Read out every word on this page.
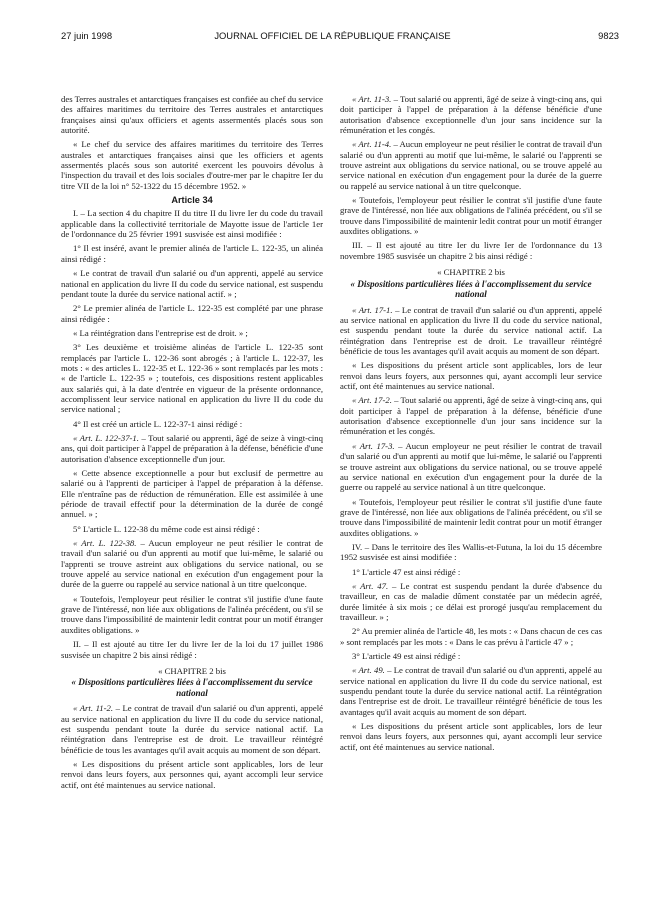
27 juin 1998	JOURNAL OFFICIEL DE LA RÉPUBLIQUE FRANÇAISE	9823

des Terres australes et antarctiques françaises est confiée au chef du service des affaires maritimes du territoire des Terres australes et antarctiques françaises ainsi qu'aux officiers et agents assermentés placés sous son autorité.

« Le chef du service des affaires maritimes du territoire des Terres australes et antarctiques françaises ainsi que les officiers et agents assermentés placés sous son autorité exercent les pouvoirs dévolus à l'inspection du travail et des lois sociales d'outre-mer par le chapitre Ier du titre VII de la loi n° 52-1322 du 15 décembre 1952. »

Article 34

I. – La section 4 du chapitre II du titre II du livre Ier du code du travail applicable dans la collectivité territoriale de Mayotte issue de l'article 1er de l'ordonnance du 25 février 1991 susvisée est ainsi modifiée :

1° Il est inséré, avant le premier alinéa de l'article L. 122-35, un alinéa ainsi rédigé :

« Le contrat de travail d'un salarié ou d'un apprenti, appelé au service national en application du livre II du code du service national, est suspendu pendant toute la durée du service national actif. » ;

2° Le premier alinéa de l'article L. 122-35 est complété par une phrase ainsi rédigée :

« La réintégration dans l'entreprise est de droit. » ;

3° Les deuxième et troisième alinéas de l'article L. 122-35 sont remplacés par l'article L. 122-36 sont abrogés ; à l'article L. 122-37, les mots : « des articles L. 122-35 et L. 122-36 » sont remplacés par les mots : « de l'article L. 122-35 » ; toutefois, ces dispositions restent applicables aux salariés qui, à la date d'entrée en vigueur de la présente ordonnance, accomplissent leur service national en application du livre II du code du service national ;

4° Il est créé un article L. 122-37-1 ainsi rédigé :

« Art. L. 122-37-1. – Tout salarié ou apprenti, âgé de seize à vingt-cinq ans, qui doit participer à l'appel de préparation à la défense, bénéficie d'une autorisation d'absence exceptionnelle d'un jour.

« Cette absence exceptionnelle a pour but exclusif de permettre au salarié ou à l'apprenti de participer à l'appel de préparation à la défense. Elle n'entraîne pas de réduction de rémunération. Elle est assimilée à une période de travail effectif pour la détermination de la durée de congé annuel. » ;

5° L'article L. 122-38 du même code est ainsi rédigé :

« Art. L. 122-38. – Aucun employeur ne peut résilier le contrat de travail d'un salarié ou d'un apprenti au motif que lui-même, le salarié ou l'apprenti se trouve astreint aux obligations du service national, ou se trouve appelé au service national en exécution d'un engagement pour la durée de la guerre ou rappelé au service national à un titre quelconque.

« Toutefois, l'employeur peut résilier le contrat s'il justifie d'une faute grave de l'intéressé, non liée aux obligations de l'alinéa précédent, ou s'il se trouve dans l'impossibilité de maintenir ledit contrat pour un motif étranger auxdites obligations. »

II. – Il est ajouté au titre Ier du livre Ier de la loi du 17 juillet 1986 susvisée un chapitre 2 bis ainsi rédigé :

« CHAPITRE 2 bis
« Dispositions particulières liées à l'accomplissement du service national

« Art. 11-2. – Le contrat de travail d'un salarié ou d'un apprenti, appelé au service national en application du livre II du code du service national, est suspendu pendant toute la durée du service national actif. La réintégration dans l'entreprise est de droit. Le travailleur réintégré bénéficie de tous les avantages qu'il avait acquis au moment de son départ.

« Les dispositions du présent article sont applicables, lors de leur renvoi dans leurs foyers, aux personnes qui, ayant accompli leur service actif, ont été maintenues au service national.

« Art. 11-3. – Tout salarié ou apprenti, âgé de seize à vingt-cinq ans, qui doit participer à l'appel de préparation à la défense bénéficie d'une autorisation d'absence exceptionnelle d'un jour sans incidence sur la rémunération et les congés.

« Art. 11-4. – Aucun employeur ne peut résilier le contrat de travail d'un salarié ou d'un apprenti au motif que lui-même, le salarié ou l'apprenti se trouve astreint aux obligations du service national, ou se trouve appelé au service national en exécution d'un engagement pour la durée de la guerre ou rappelé au service national à un titre quelconque.

« Toutefois, l'employeur peut résilier le contrat s'il justifie d'une faute grave de l'intéressé, non liée aux obligations de l'alinéa précédent, ou s'il se trouve dans l'impossibilité de maintenir ledit contrat pour un motif étranger auxdites obligations. »

III. – Il est ajouté au titre Ier du livre Ier de l'ordonnance du 13 novembre 1985 susvisée un chapitre 2 bis ainsi rédigé :

« CHAPITRE 2 bis
« Dispositions particulières liées à l'accomplissement du service national

« Art. 17-1. – Le contrat de travail d'un salarié ou d'un apprenti, appelé au service national en application du livre II du code du service national, est suspendu pendant toute la durée du service national actif. La réintégration dans l'entreprise est de droit. Le travailleur réintégré bénéficie de tous les avantages qu'il avait acquis au moment de son départ.

« Les dispositions du présent article sont applicables, lors de leur renvoi dans leurs foyers, aux personnes qui, ayant accompli leur service actif, ont été maintenues au service national.

« Art. 17-2. – Tout salarié ou apprenti, âgé de seize à vingt-cinq ans, qui doit participer à l'appel de préparation à la défense, bénéficie d'une autorisation d'absence exceptionnelle d'un jour sans incidence sur la rémunération et les congés.

« Art. 17-3. – Aucun employeur ne peut résilier le contrat de travail d'un salarié ou d'un apprenti au motif que lui-même, le salarié ou l'apprenti se trouve astreint aux obligations du service national, ou se trouve appelé au service national en exécution d'un engagement pour la durée de la guerre ou rappelé au service national à un titre quelconque.

« Toutefois, l'employeur peut résilier le contrat s'il justifie d'une faute grave de l'intéressé, non liée aux obligations de l'alinéa précédent, ou s'il se trouve dans l'impossibilité de maintenir ledit contrat pour un motif étranger auxdites obligations. »

IV. – Dans le territoire des îles Wallis-et-Futuna, la loi du 15 décembre 1952 susvisée est ainsi modifiée :

1° L'article 47 est ainsi rédigé :

« Art. 47. – Le contrat est suspendu pendant la durée d'absence du travailleur, en cas de maladie dûment constatée par un médecin agréé, durée limitée à six mois ; ce délai est prorogé jusqu'au remplacement du travailleur. » ;

2° Au premier alinéa de l'article 48, les mots : « Dans chacun de ces cas » sont remplacés par les mots : « Dans le cas prévu à l'article 47 » ;

3° L'article 49 est ainsi rédigé :

« Art. 49. – Le contrat de travail d'un salarié ou d'un apprenti, appelé au service national en application du livre II du code du service national, est suspendu pendant toute la durée du service national actif. La réintégration dans l'entreprise est de droit. Le travailleur réintégré bénéficie de tous les avantages qu'il avait acquis au moment de son départ.

« Les dispositions du présent article sont applicables, lors de leur renvoi dans leurs foyers, aux personnes qui, ayant accompli leur service actif, ont été maintenues au service national.
